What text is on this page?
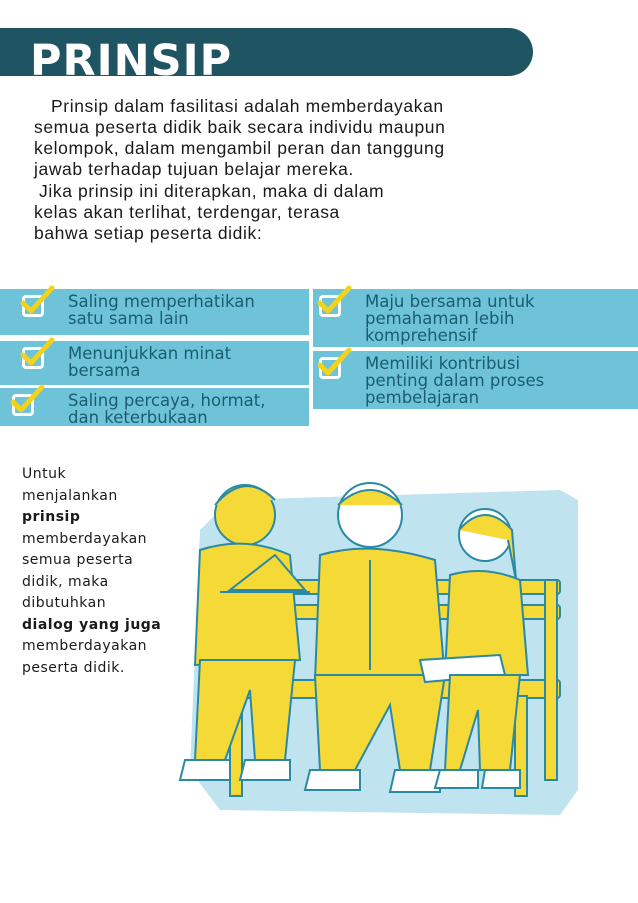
PRINSIP

Prinsip dalam fasilitasi adalah memberdayakan
semua peserta didik baik secara individu maupun
kelompok, dalam mengambil peran dan tanggung
jawab terhadap tujuan belajar mereka.

Jika prinsip ini diterapkan, maka di dalam
kelas akan terlihat, terdengar, terasa
bahwa setiap peserta didik:

Saling memperhatikan
satu sama lain
Menunjukkan minat
bersama
Saling percaya, hormat,
dan keterbukaan
Maju bersama untuk
pemahaman lebih
komprehensif
Memiliki kontribusi
penting dalam proses
pembelajaran
Untuk
menjalankan
prinsip
memberdayakan
semua peserta
didik, maka
dibutuhkan
dialog yang juga
memberdayakan
peserta didik.
